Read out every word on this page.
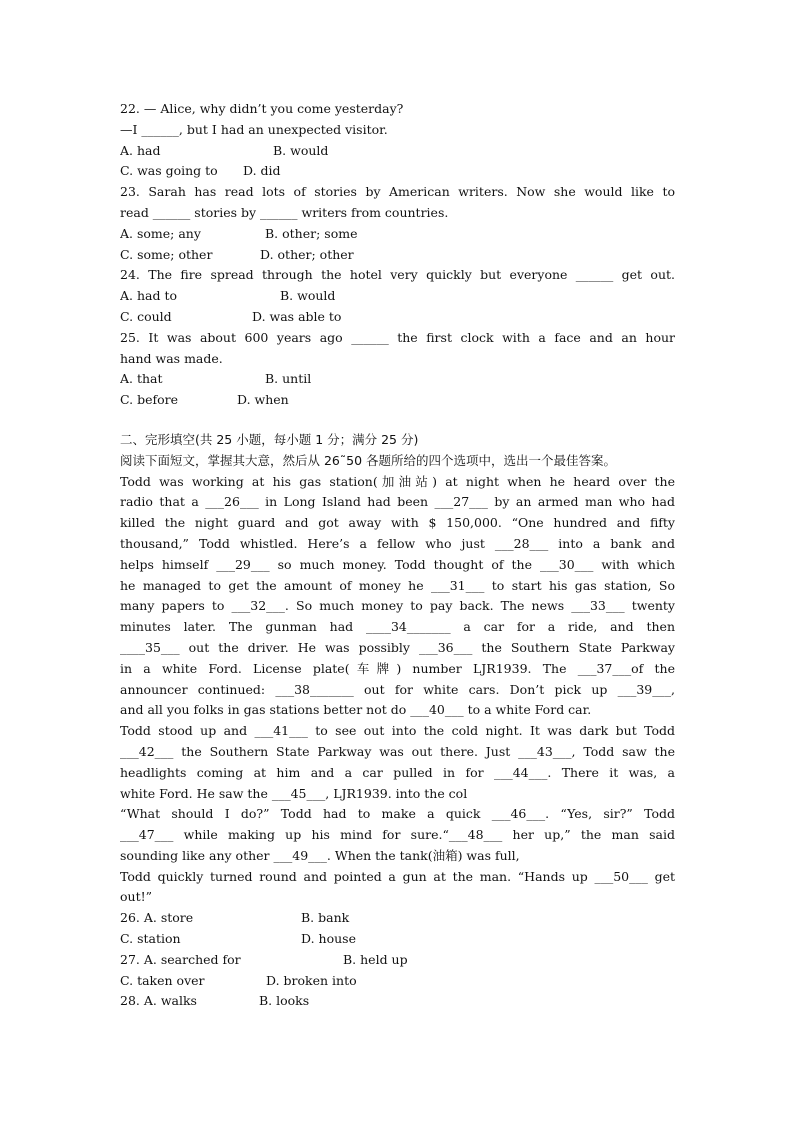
22. — Alice, why didn’t you come yesterday?
—I ______, but I had an unexpected visitor.
A. had	B. would
C. was going to D. did
23. Sarah has read lots of stories by American writers. Now she would like to
read ______ stories by ______ writers from countries.
A. some; any	B. other; some
C. some; other	D. other; other
24. The fire spread through the hotel very quickly but everyone ______ get out.
A. had to	B. would
C. could	D. was able to
25. It was about 600 years ago ______ the first clock with a face and an hour
hand was made.
A. that	B. until
C. before	D. when
二、完形填空(共 25 小题，每小题 1 分；满分 25 分)
阅读下面短文，掌握其大意，然后从 26˜50 各题所给的四个选项中，选出一个最佳答案。
Todd was working at his gas station(加油站) at night when he heard over the
radio that a ___26___ in Long Island had been ___27___ by an armed man who had
killed the night guard and got away with $ 150,000. “One hundred and fifty
thousand,” Todd whistled. Here’s a fellow who just ___28___ into a bank and
helps himself ___29___ so much money. Todd thought of the ___30___ with which
he managed to get the amount of money he ___31___ to start his gas station, So
many papers to ___32___. So much money to pay back. The news ___33___ twenty
minutes later. The gunman had ____34_______ a car for a ride, and then
____35___ out the driver. He was possibly ___36___ the Southern State Parkway
in a white Ford. License plate(车牌) number LJR1939. The ___37___of the
announcer continued: ___38_______ out for white cars. Don’t pick up ___39___,
and all you folks in gas stations better not do ___40___ to a white Ford car.
Todd stood up and ___41___ to see out into the cold night. It was dark but Todd
___42___ the Southern State Parkway was out there. Just ___43___, Todd saw the
headlights coming at him and a car pulled in for ___44___. There it was, a
white Ford. He saw the ___45___, LJR1939. into the col
“What should I do?” Todd had to make a quick ___46___. “Yes, sir?” Todd
___47___ while making up his mind for sure.“___48___ her up,” the man said
sounding like any other ___49___. When the tank(油箱) was full,
Todd quickly turned round and pointed a gun at the man. “Hands up ___50___ get
out!”
26. A. store	B. bank
C. station	D. house
27. A. searched for	B. held up
C. taken over	D. broken into
28. A. walks	B. looks
